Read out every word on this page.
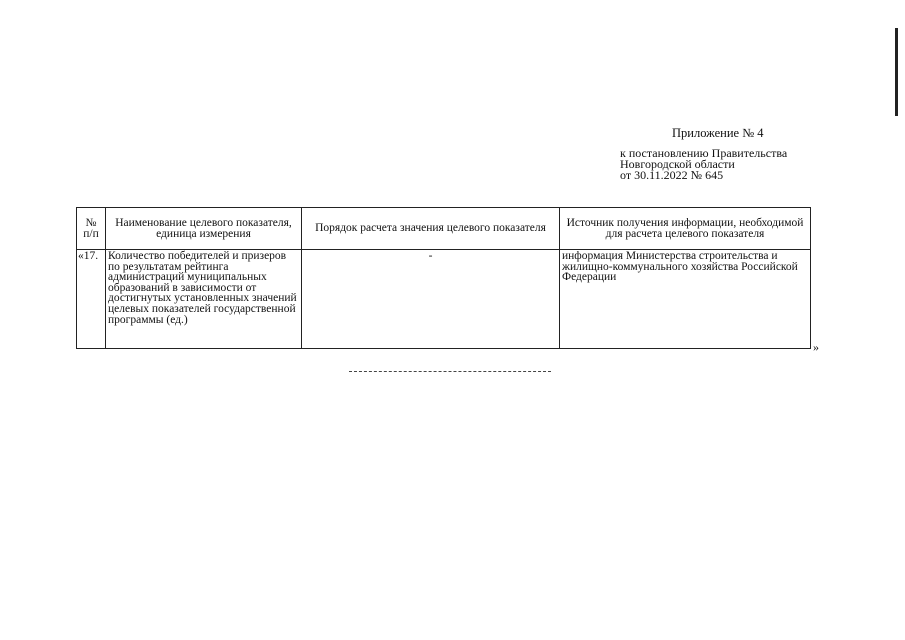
Приложение № 4
к постановлению Правительства
Новгородской области
от 30.11.2022 № 645
№ п/п	Наименование целевого показателя, единица измерения	Порядок расчета значения целевого показателя	Источник получения информации, необходимой для расчета целевого показателя
«17.	Количество победителей и призеров по результатам рейтинга администраций муниципальных образований в зависимости от достигнутых установленных значений целевых показателей государственной программы (ед.)	-	информация Министерства строительства и жилищно-коммунального хозяйства Российской Федерации
»
